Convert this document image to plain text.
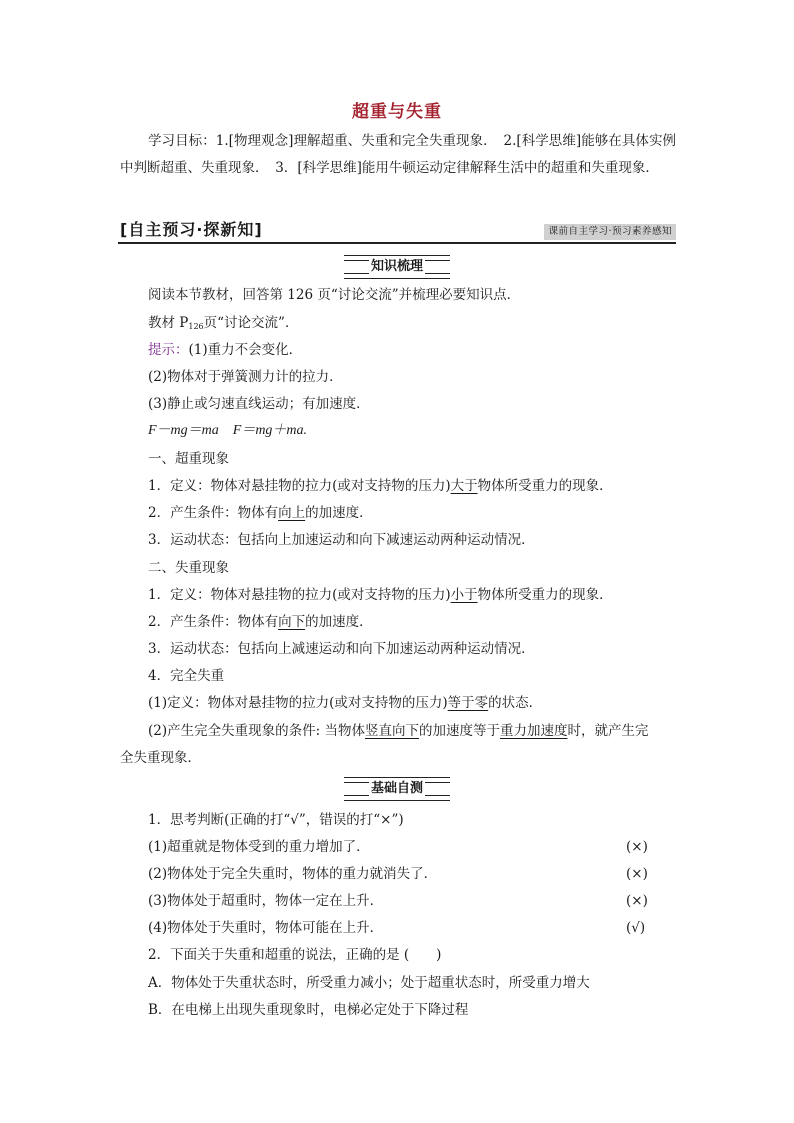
超重与失重
学习目标：1.[物理观念]理解超重、失重和完全失重现象．　2.[科学思维]能够在具体实例中判断超重、失重现象．　3．[科学思维]能用牛顿运动定律解释生活中的超重和失重现象．
[自主预习·探新知]	课前自主学习·预习素养感知
知识梳理
阅读本节教材，回答第 126 页“讨论交流”并梳理必要知识点．
教材 $P_{126}$页“讨论交流”．
提示：(1)重力不会变化．
(2)物体对于弹簧测力计的拉力．
(3)静止或匀速直线运动；有加速度．
F－mg＝ma　F＝mg＋ma.
一、超重现象
1．定义：物体对悬挂物的拉力(或对支持物的压力)大于物体所受重力的现象．
2．产生条件：物体有向上的加速度．
3．运动状态：包括向上加速运动和向下减速运动两种运动情况．
二、失重现象
1．定义：物体对悬挂物的拉力(或对支持物的压力)小于物体所受重力的现象．
2．产生条件：物体有向下的加速度．
3．运动状态：包括向上减速运动和向下加速运动两种运动情况．
4．完全失重
(1)定义：物体对悬挂物的拉力(或对支持物的压力)等于零的状态．
(2)产生完全失重现象的条件: 当物体竖直向下的加速度等于重力加速度时，就产生完
全失重现象．
基础自测
1．思考判断(正确的打“√”，错误的打“×”)
(1)超重就是物体受到的重力增加了．	(×)
(2)物体处于完全失重时，物体的重力就消失了．	(×)
(3)物体处于超重时，物体一定在上升．	(×)
(4)物体处于失重时，物体可能在上升．	(√)
2．下面关于失重和超重的说法，正确的是 (　　)
A．物体处于失重状态时，所受重力减小；处于超重状态时，所受重力增大
B．在电梯上出现失重现象时，电梯必定处于下降过程
